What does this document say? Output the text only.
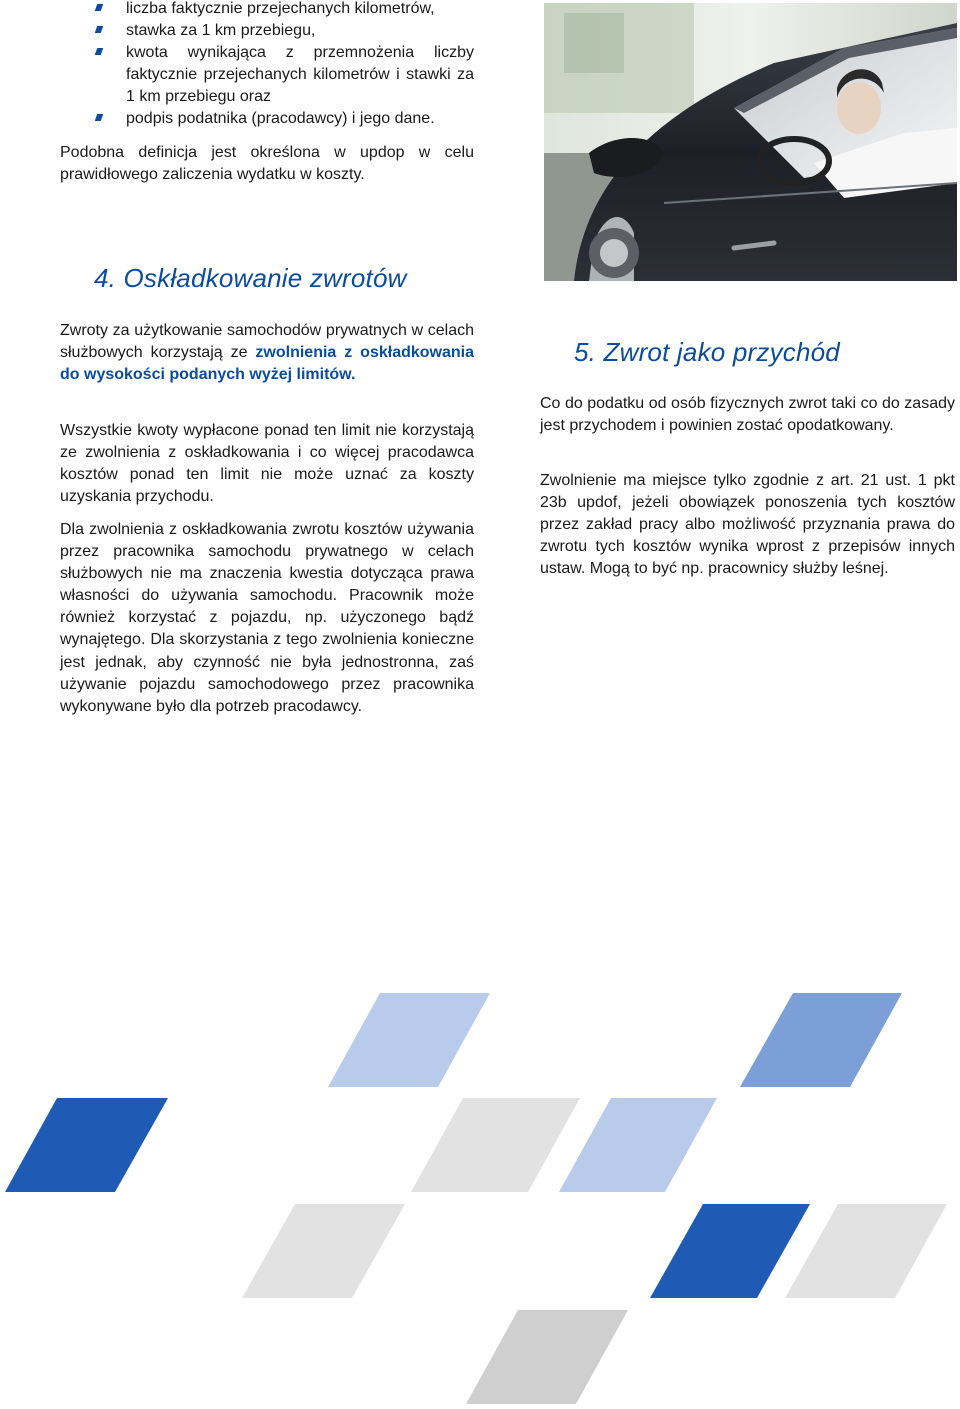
liczba faktycznie przejechanych kilometrów,
stawka za 1 km przebiegu,
kwota wynikająca z przemnożenia liczby faktycznie przejechanych kilometrów i stawki za 1 km przebiegu oraz
podpis podatnika (pracodawcy) i jego dane.

Podobna definicja jest określona w updop w celu prawidłowego zaliczenia wydatku w koszty.

4. Oskładkowanie zwrotów

Zwroty za użytkowanie samochodów prywatnych w celach służbowych korzystają ze zwolnienia z oskładkowania do wysokości podanych wyżej limitów.

Wszystkie kwoty wypłacone ponad ten limit nie korzystają ze zwolnienia z oskładkowania i co więcej pracodawca kosztów ponad ten limit nie może uznać za koszty uzyskania przychodu.

Dla zwolnienia z oskładkowania zwrotu kosztów używania przez pracownika samochodu prywatnego w celach służbowych nie ma znaczenia kwestia dotycząca prawa własności do używania samochodu. Pracownik może również korzystać z pojazdu, np. użyczonego bądź wynajętego. Dla skorzystania z tego zwolnienia konieczne jest jednak, aby czynność nie była jednostronna, zaś używanie pojazdu samochodowego przez pracownika wykonywane było dla potrzeb pracodawcy.

5. Zwrot jako przychód

Co do podatku od osób fizycznych zwrot taki co do zasady jest przychodem i powinien zostać opodatkowany.

Zwolnienie ma miejsce tylko zgodnie z art. 21 ust. 1 pkt 23b updof, jeżeli obowiązek ponoszenia tych kosztów przez zakład pracy albo możliwość przyznania prawa do zwrotu tych kosztów wynika wprost z przepisów innych ustaw. Mogą to być np. pracownicy służby leśnej.
